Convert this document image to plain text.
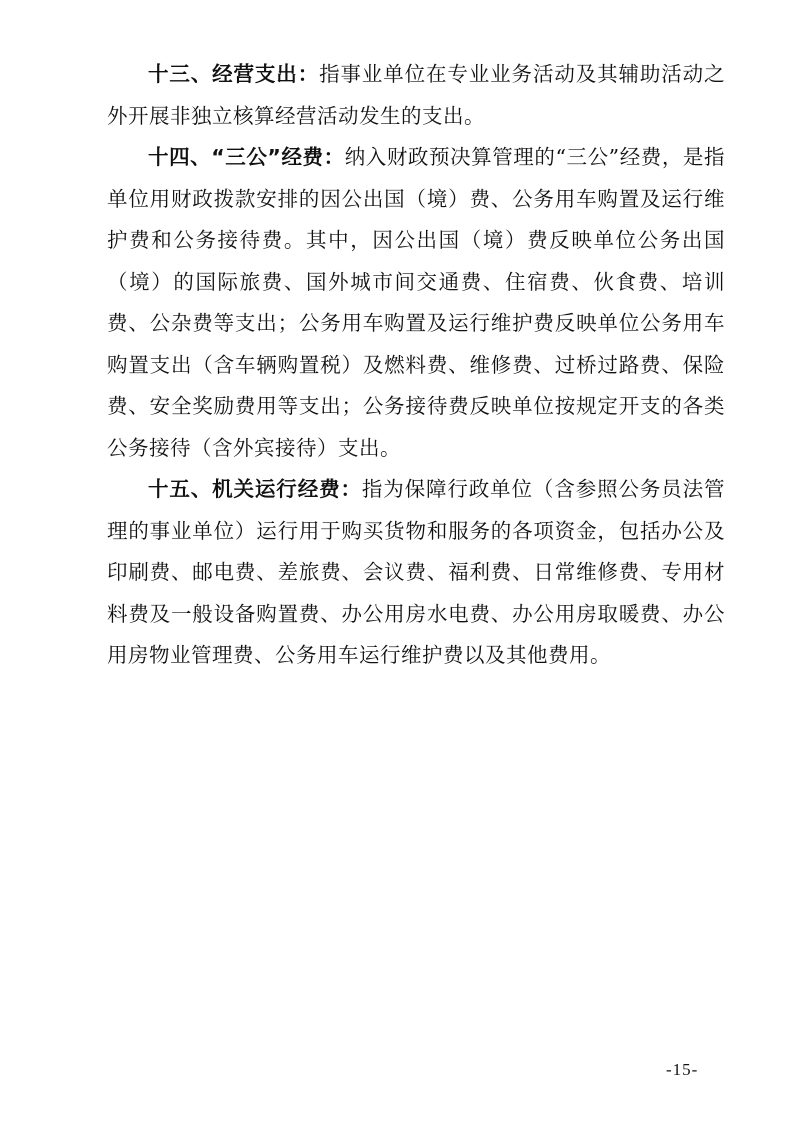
十三、经营支出：指事业单位在专业业务活动及其辅助活动之外开展非独立核算经营活动发生的支出。

十四、“三公”经费：纳入财政预决算管理的“三公”经费，是指单位用财政拨款安排的因公出国（境）费、公务用车购置及运行维护费和公务接待费。其中，因公出国（境）费反映单位公务出国（境）的国际旅费、国外城市间交通费、住宿费、伙食费、培训费、公杂费等支出；公务用车购置及运行维护费反映单位公务用车购置支出（含车辆购置税）及燃料费、维修费、过桥过路费、保险费、安全奖励费用等支出；公务接待费反映单位按规定开支的各类公务接待（含外宾接待）支出。

十五、机关运行经费：指为保障行政单位（含参照公务员法管理的事业单位）运行用于购买货物和服务的各项资金，包括办公及印刷费、邮电费、差旅费、会议费、福利费、日常维修费、专用材料费及一般设备购置费、办公用房水电费、办公用房取暖费、办公用房物业管理费、公务用车运行维护费以及其他费用。

-15-
